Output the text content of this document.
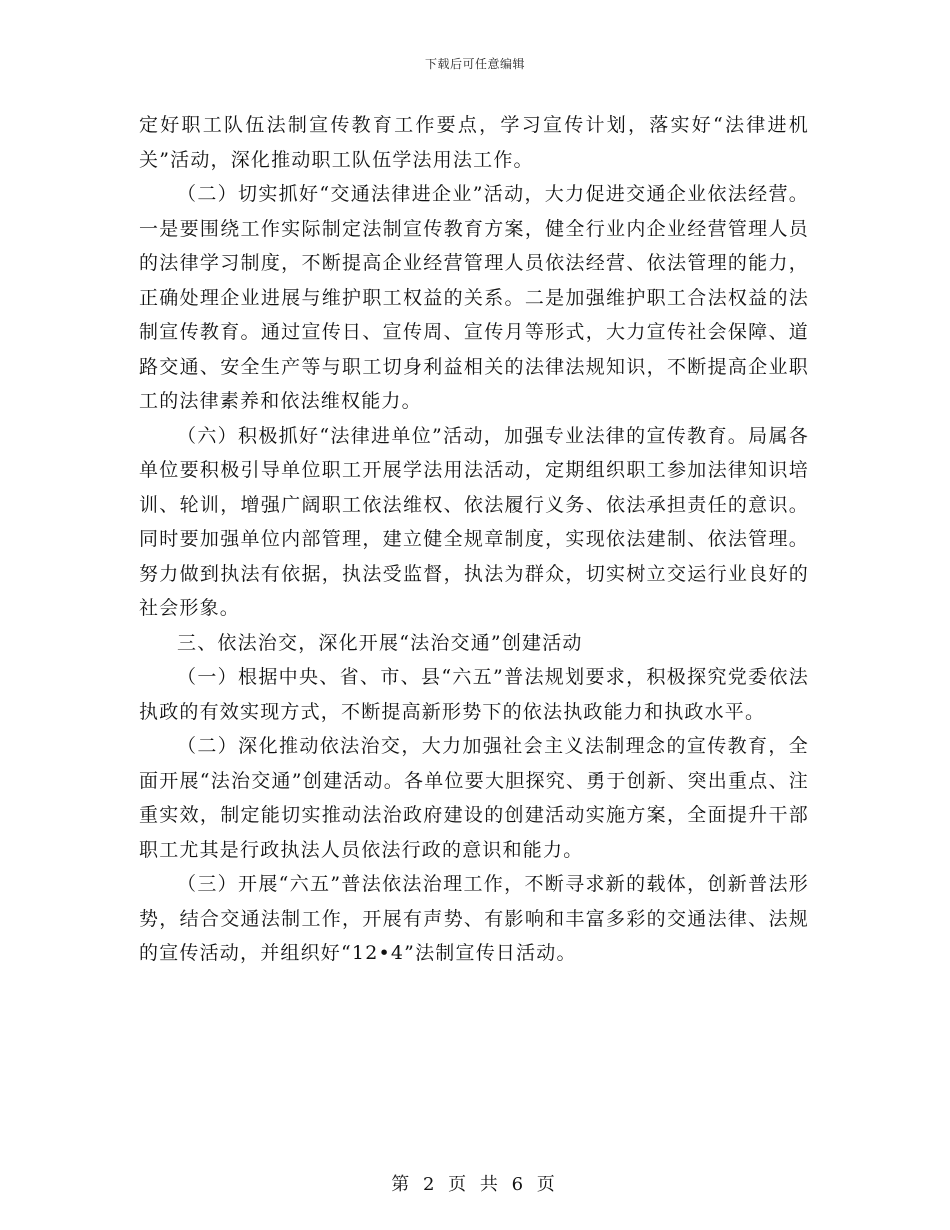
下载后可任意编辑

定好职工队伍法制宣传教育工作要点，学习宣传计划，落实好“法律进机关”活动，深化推动职工队伍学法用法工作。

（二）切实抓好“交通法律进企业”活动，大力促进交通企业依法经营。一是要围绕工作实际制定法制宣传教育方案，健全行业内企业经营管理人员的法律学习制度，不断提高企业经营管理人员依法经营、依法管理的能力，正确处理企业进展与维护职工权益的关系。二是加强维护职工合法权益的法制宣传教育。通过宣传日、宣传周、宣传月等形式，大力宣传社会保障、道路交通、安全生产等与职工切身利益相关的法律法规知识，不断提高企业职工的法律素养和依法维权能力。

（六）积极抓好“法律进单位”活动，加强专业法律的宣传教育。局属各单位要积极引导单位职工开展学法用法活动，定期组织职工参加法律知识培训、轮训，增强广阔职工依法维权、依法履行义务、依法承担责任的意识。同时要加强单位内部管理，建立健全规章制度，实现依法建制、依法管理。努力做到执法有依据，执法受监督，执法为群众，切实树立交运行业良好的社会形象。

三、依法治交，深化开展“法治交通”创建活动

（一）根据中央、省、市、县“六五”普法规划要求，积极探究党委依法执政的有效实现方式，不断提高新形势下的依法执政能力和执政水平。

（二）深化推动依法治交，大力加强社会主义法制理念的宣传教育，全面开展“法治交通”创建活动。各单位要大胆探究、勇于创新、突出重点、注重实效，制定能切实推动法治政府建设的创建活动实施方案，全面提升干部职工尤其是行政执法人员依法行政的意识和能力。

（三）开展“六五”普法依法治理工作，不断寻求新的载体，创新普法形势，结合交通法制工作，开展有声势、有影响和丰富多彩的交通法律、法规的宣传活动，并组织好“12•4”法制宣传日活动。

第 2 页 共 6 页
